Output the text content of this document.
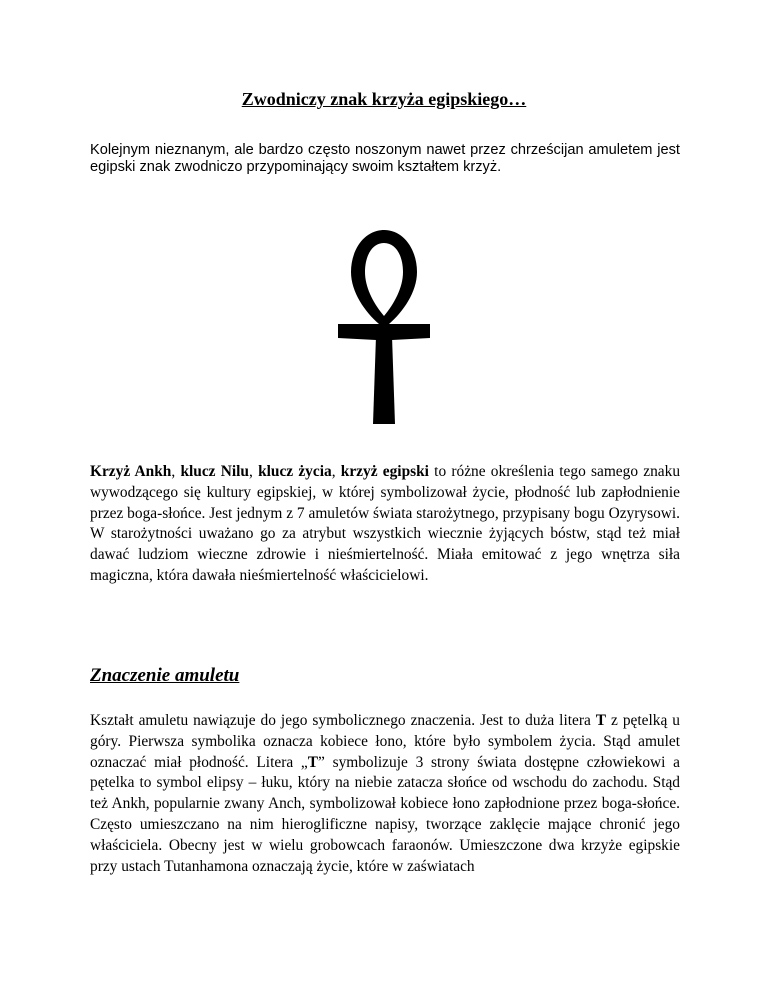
Zwodniczy znak krzyża egipskiego…

Kolejnym nieznanym, ale bardzo często noszonym nawet przez chrześcijan amuletem jest egipski znak zwodniczo przypominający swoim kształtem krzyż.

Krzyż Ankh, klucz Nilu, klucz życia, krzyż egipski to różne określenia tego samego znaku wywodzącego się kultury egipskiej, w której symbolizował życie, płodność lub zapłodnienie przez boga-słońce. Jest jednym z 7 amuletów świata starożytnego, przypisany bogu Ozyrysowi. W starożytności uważano go za atrybut wszystkich wiecznie żyjących bóstw, stąd też miał dawać ludziom wieczne zdrowie i nieśmiertelność. Miała emitować z jego wnętrza siła magiczna, która dawała nieśmiertelność właścicielowi.

Znaczenie amuletu

Kształt amuletu nawiązuje do jego symbolicznego znaczenia. Jest to duża litera T z pętelką u góry. Pierwsza symbolika oznacza kobiece łono, które było symbolem życia. Stąd amulet oznaczać miał płodność. Litera „T” symbolizuje 3 strony świata dostępne człowiekowi a pętelka to symbol elipsy – łuku, który na niebie zatacza słońce od wschodu do zachodu. Stąd też Ankh, popularnie zwany Anch, symbolizował kobiece łono zapłodnione przez boga-słońce. Często umieszczano na nim hieroglificzne napisy, tworzące zaklęcie mające chronić jego właściciela. Obecny jest w wielu grobowcach faraonów. Umieszczone dwa krzyże egipskie przy ustach Tutanhamona oznaczają życie, które w zaświatach
